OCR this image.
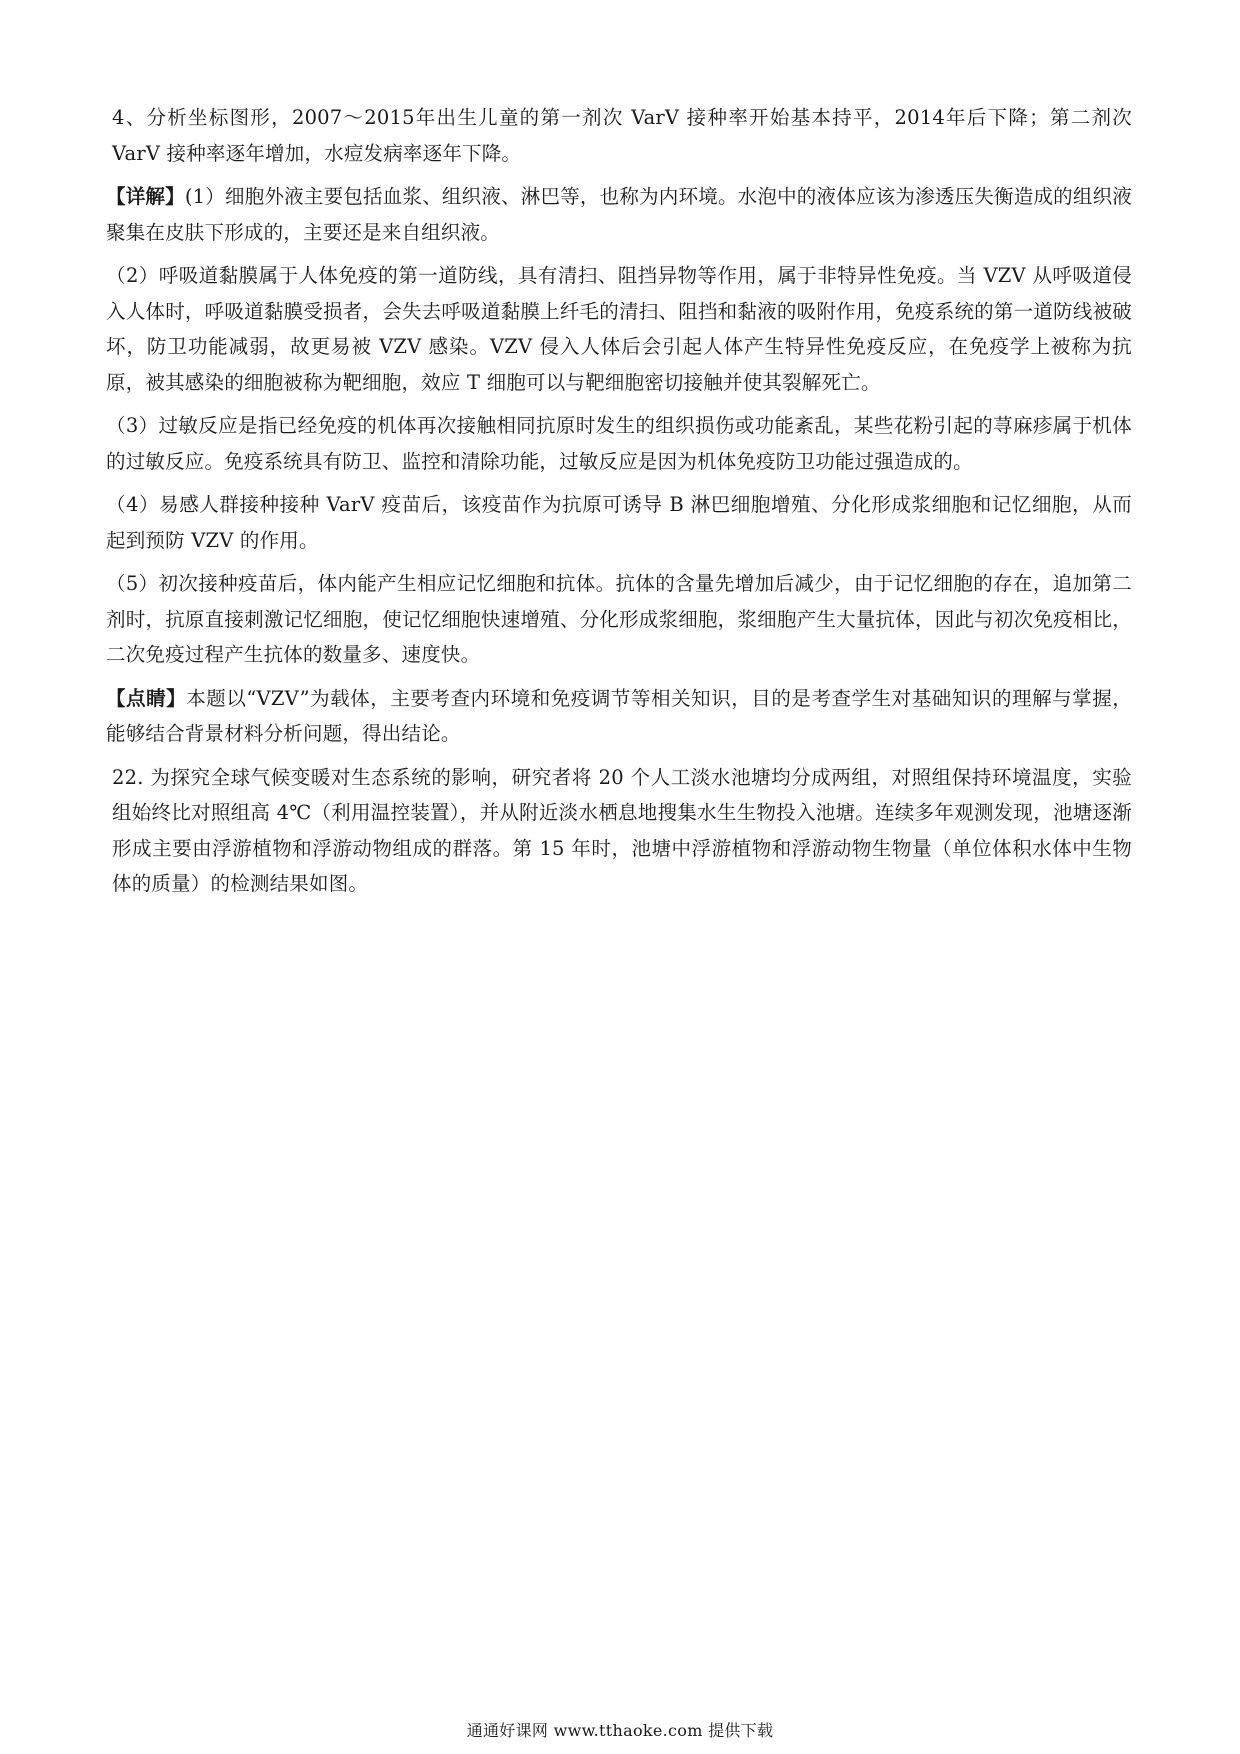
4、分析坐标图形，2007～2015年出生儿童的第一剂次 VarV 接种率开始基本持平，2014年后下降；第二剂次 VarV 接种率逐年增加，水痘发病率逐年下降。

【详解】(1）细胞外液主要包括血浆、组织液、淋巴等，也称为内环境。水泡中的液体应该为渗透压失衡造成的组织液聚集在皮肤下形成的，主要还是来自组织液。

（2）呼吸道黏膜属于人体免疫的第一道防线，具有清扫、阻挡异物等作用，属于非特异性免疫。当 VZV 从呼吸道侵入人体时，呼吸道黏膜受损者，会失去呼吸道黏膜上纤毛的清扫、阻挡和黏液的吸附作用，免疫系统的第一道防线被破坏，防卫功能减弱，故更易被 VZV 感染。VZV 侵入人体后会引起人体产生特异性免疫反应，在免疫学上被称为抗原，被其感染的细胞被称为靶细胞，效应 T 细胞可以与靶细胞密切接触并使其裂解死亡。

（3）过敏反应是指已经免疫的机体再次接触相同抗原时发生的组织损伤或功能紊乱，某些花粉引起的荨麻疹属于机体的过敏反应。免疫系统具有防卫、监控和清除功能，过敏反应是因为机体免疫防卫功能过强造成的。

（4）易感人群接种接种 VarV 疫苗后，该疫苗作为抗原可诱导 B 淋巴细胞增殖、分化形成浆细胞和记忆细胞，从而起到预防 VZV 的作用。

（5）初次接种疫苗后，体内能产生相应记忆细胞和抗体。抗体的含量先增加后减少，由于记忆细胞的存在，追加第二剂时，抗原直接刺激记忆细胞，使记忆细胞快速增殖、分化形成浆细胞，浆细胞产生大量抗体，因此与初次免疫相比，二次免疫过程产生抗体的数量多、速度快。

【点睛】本题以“VZV”为载体，主要考查内环境和免疫调节等相关知识，目的是考查学生对基础知识的理解与掌握，能够结合背景材料分析问题，得出结论。

22. 为探究全球气候变暖对生态系统的影响，研究者将 20 个人工淡水池塘均分成两组，对照组保持环境温度，实验组始终比对照组高 4℃（利用温控装置），并从附近淡水栖息地搜集水生生物投入池塘。连续多年观测发现，池塘逐渐形成主要由浮游植物和浮游动物组成的群落。第 15 年时，池塘中浮游植物和浮游动物生物量（单位体积水体中生物体的质量）的检测结果如图。

通通好课网 www.tthaoke.com 提供下载
